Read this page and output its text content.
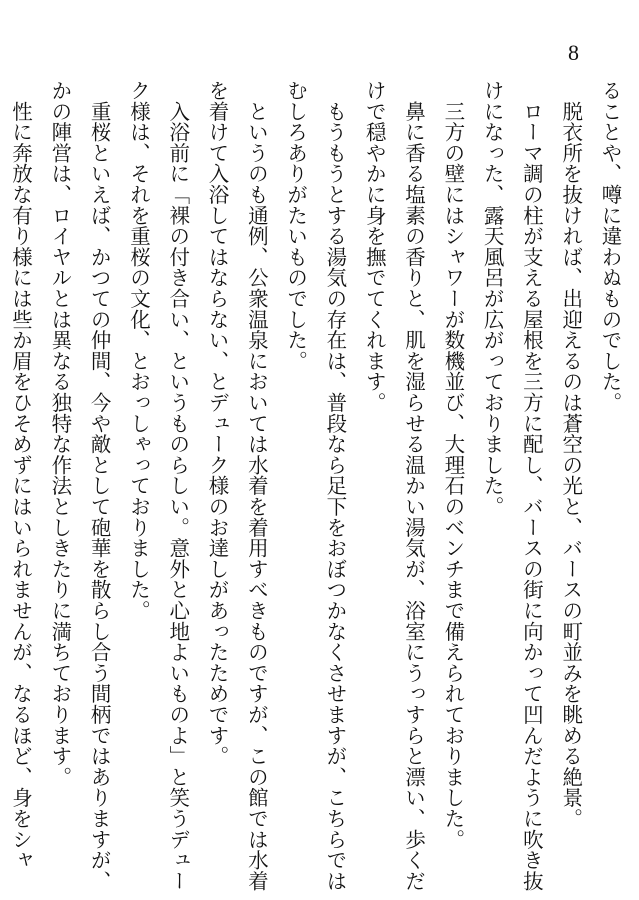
8

ることや、噂に違わぬものでした。

　脱衣所を抜ければ、出迎えるのは蒼空の光と、バースの町並みを眺める絶景。

　ローマ調の柱が支える屋根を三方に配し、バースの街に向かって凹んだように吹き抜

けになった、露天風呂が広がっておりました。

　三方の壁にはシャワーが数機並び、大理石のベンチまで備えられておりました。

　鼻に香る塩素の香りと、肌を湿らせる温かい湯気が、浴室にうっすらと漂い、歩くだ

けで穏やかに身を撫でてくれます。

　もうもうとする湯気の存在は、普段なら足下をおぼつかなくさせますが、こちらでは

むしろありがたいものでした。

　というのも通例、公衆温泉においては水着を着用すべきものですが、この館では水着

を着けて入浴してはならない、とデューク様のお達しがあったためです。

　入浴前に「裸の付き合い、というものらしい。意外と心地よいものよ」と笑うデュー

ク様は、それを重桜の文化、とおっしゃっておりました。

　重桜といえば、かつての仲間、今や敵として砲華を散らし合う間柄ではありますが、

かの陣営は、ロイヤルとは異なる独特な作法としきたりに満ちております。

　性に奔放な有り様には些か眉をひそめずにはいられませんが、なるほど、身をシャ
